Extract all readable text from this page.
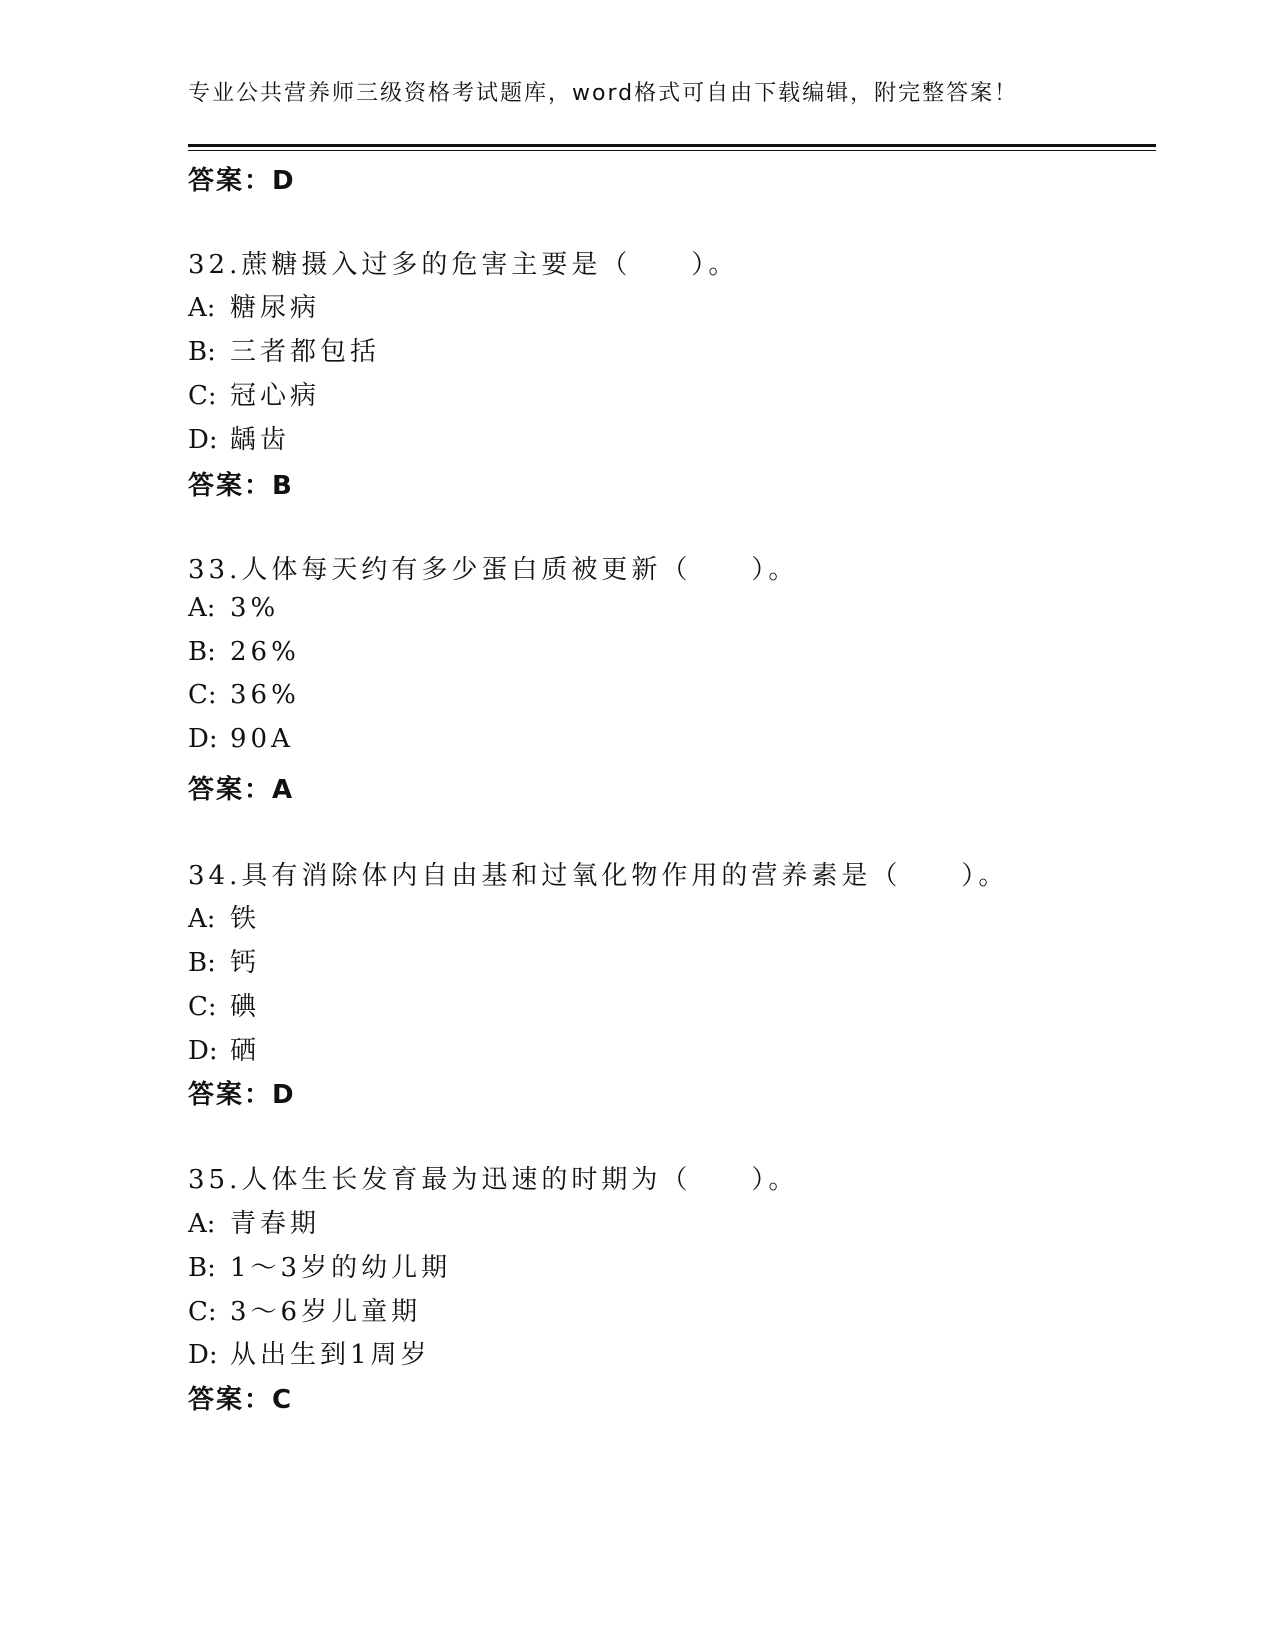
专业公共营养师三级资格考试题库，word格式可自由下载编辑，附完整答案！
答案：D
32.蔗糖摄入过多的危害主要是（　　）。
A: 糖尿病
B: 三者都包括
C: 冠心病
D: 龋齿
答案：B
33.人体每天约有多少蛋白质被更新（　　）。
A: 3%
B: 26%
C: 36%
D: 90A
答案：A
34.具有消除体内自由基和过氧化物作用的营养素是（　　）。
A: 铁
B: 钙
C: 碘
D: 硒
答案：D
35.人体生长发育最为迅速的时期为（　　）。
A: 青春期
B: 1～3岁的幼儿期
C: 3～6岁儿童期
D: 从出生到1周岁
答案：C
